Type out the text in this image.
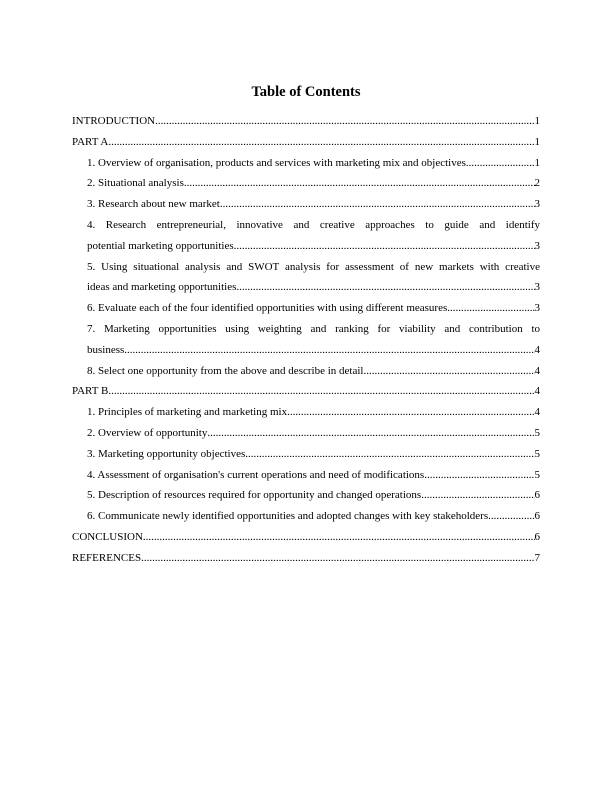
Table of Contents
INTRODUCTION .....	1
PART A .....	1
1. Overview of organisation, products and services with marketing mix and objectives .....	1
2. Situational analysis .....	2
3. Research about new market .....	3
4. Research entrepreneurial, innovative and creative approaches to guide and identify
potential marketing opportunities .....	3
5. Using situational analysis and SWOT analysis for assessment of new markets with creative
ideas and marketing opportunities .....	3
6. Evaluate each of the four identified opportunities with using different measures .....	3
7. Marketing opportunities using weighting and ranking for viability and contribution to
business .....	4
8. Select one opportunity from the above and describe in detail .....	4
PART B .....	4
1. Principles of marketing and marketing mix .....	4
2. Overview of opportunity .....	5
3. Marketing opportunity objectives .....	5
4. Assessment of organisation's current operations and need of modifications .....	5
5. Description of resources required for opportunity and changed operations .....	6
6. Communicate newly identified opportunities and adopted changes with key stakeholders .....	6
CONCLUSION .....	6
REFERENCES .....	7
